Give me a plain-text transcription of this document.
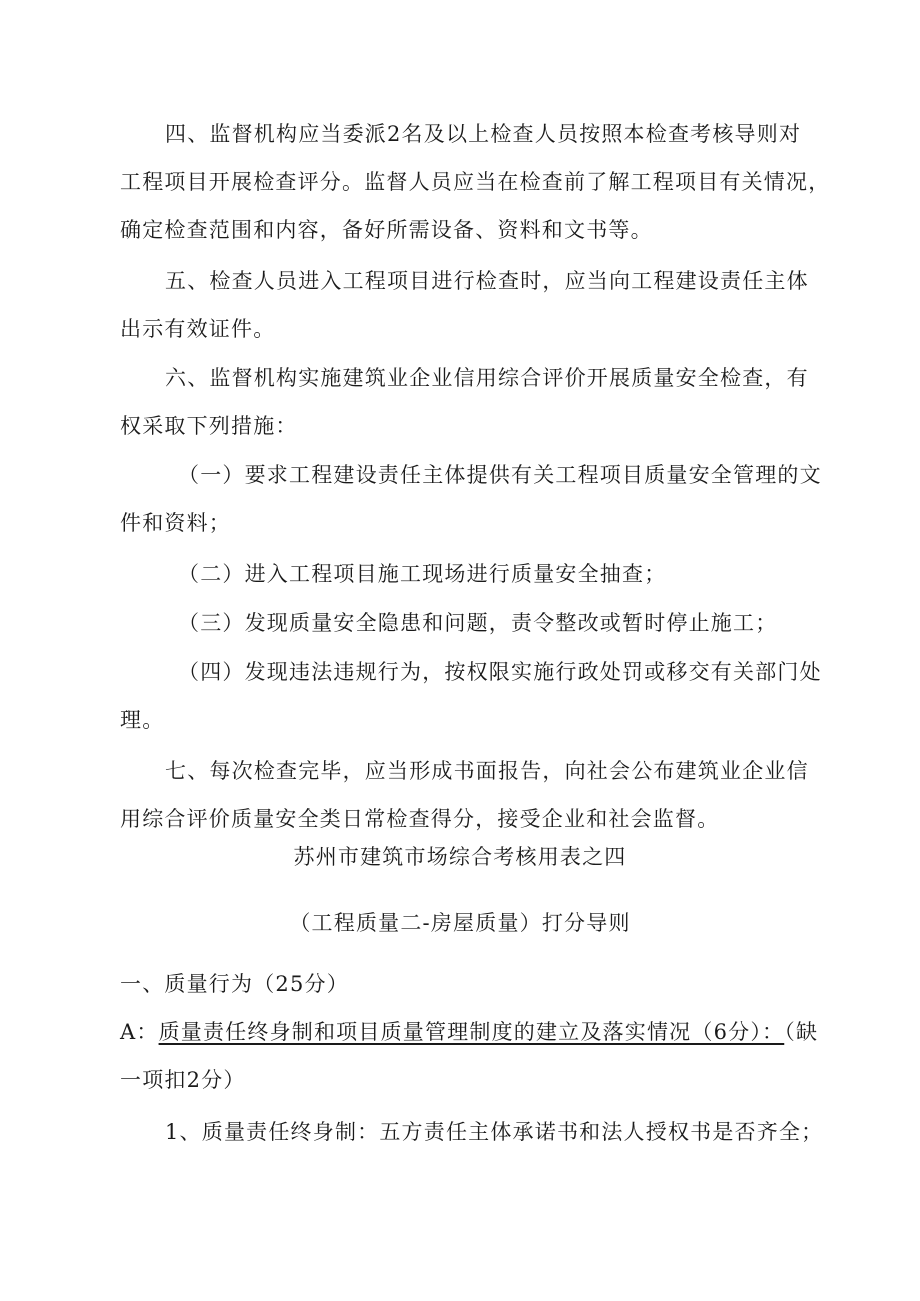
四、监督机构应当委派2名及以上检查人员按照本检查考核导则对
工程项目开展检查评分。监督人员应当在检查前了解工程项目有关情况，
确定检查范围和内容，备好所需设备、资料和文书等。
五、检查人员进入工程项目进行检查时，应当向工程建设责任主体
出示有效证件。
六、监督机构实施建筑业企业信用综合评价开展质量安全检查，有
权采取下列措施：
（一）要求工程建设责任主体提供有关工程项目质量安全管理的文
件和资料；
（二）进入工程项目施工现场进行质量安全抽查；
（三）发现质量安全隐患和问题，责令整改或暂时停止施工；
（四）发现违法违规行为，按权限实施行政处罚或移交有关部门处
理。
七、每次检查完毕，应当形成书面报告，向社会公布建筑业企业信
用综合评价质量安全类日常检查得分，接受企业和社会监督。
苏州市建筑市场综合考核用表之四
（工程质量二-房屋质量）打分导则
一、质量行为（25分）
A：质量责任终身制和项目质量管理制度的建立及落实情况（6分）：（缺
一项扣2分）
1、质量责任终身制：五方责任主体承诺书和法人授权书是否齐全；
